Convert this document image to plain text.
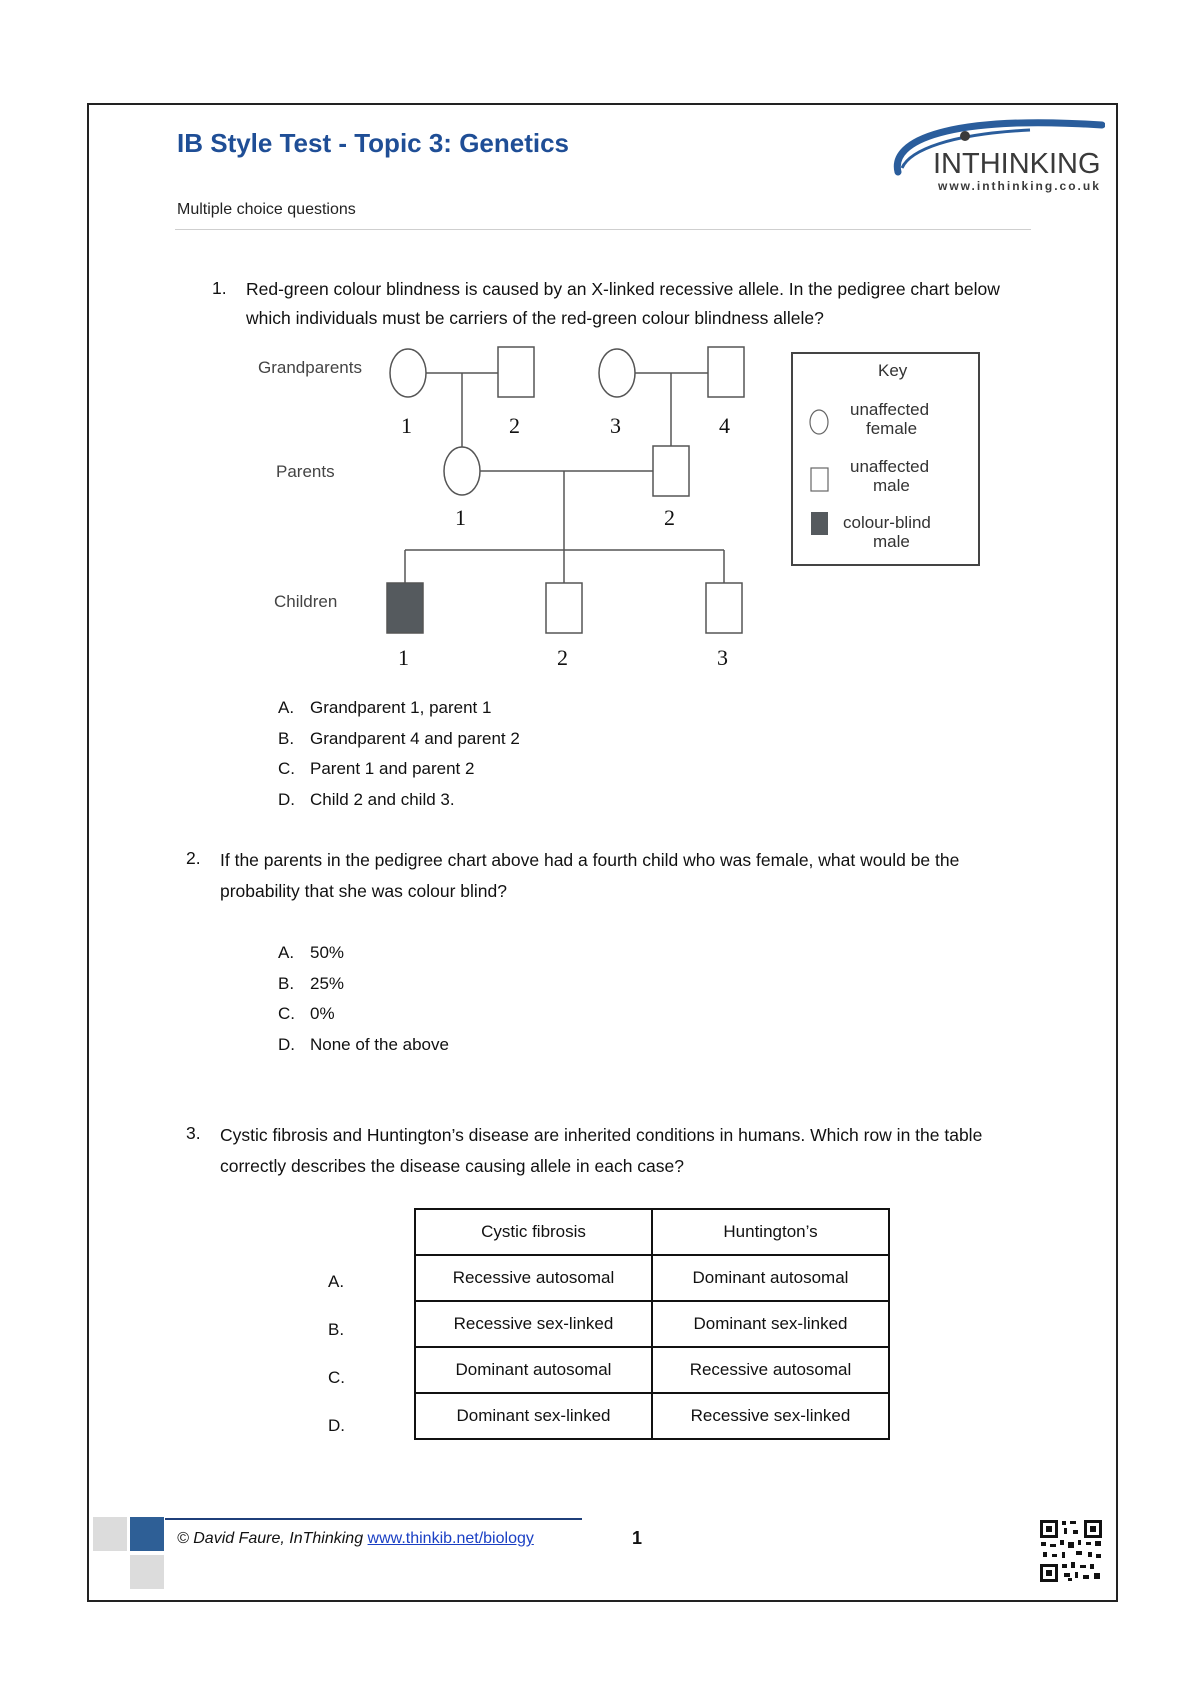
IB Style Test - Topic 3: Genetics
Multiple choice questions
INTHINKING
www.inthinking.co.uk
1. Red-green colour blindness is caused by an X-linked recessive allele. In the pedigree chart below which individuals must be carriers of the red-green colour blindness allele?
Grandparents
Parents
Children
1	2	3	4
1	2
1	2	3
Key
unaffected
female
unaffected
male
colour-blind
male
A. Grandparent 1, parent 1
B. Grandparent 4 and parent 2
C. Parent 1 and parent 2
D. Child 2 and child 3.
2. If the parents in the pedigree chart above had a fourth child who was female, what would be the probability that she was colour blind?
A. 50%
B. 25%
C. 0%
D. None of the above
3. Cystic fibrosis and Huntington’s disease are inherited conditions in humans. Which row in the table correctly describes the disease causing allele in each case?
Cystic fibrosis	Huntington’s
Recessive autosomal	Dominant autosomal
Recessive sex-linked	Dominant sex-linked
Dominant autosomal	Recessive autosomal
Dominant sex-linked	Recessive sex-linked
A.
B.
C.
D.
© David Faure, InThinking www.thinkib.net/biology	1
